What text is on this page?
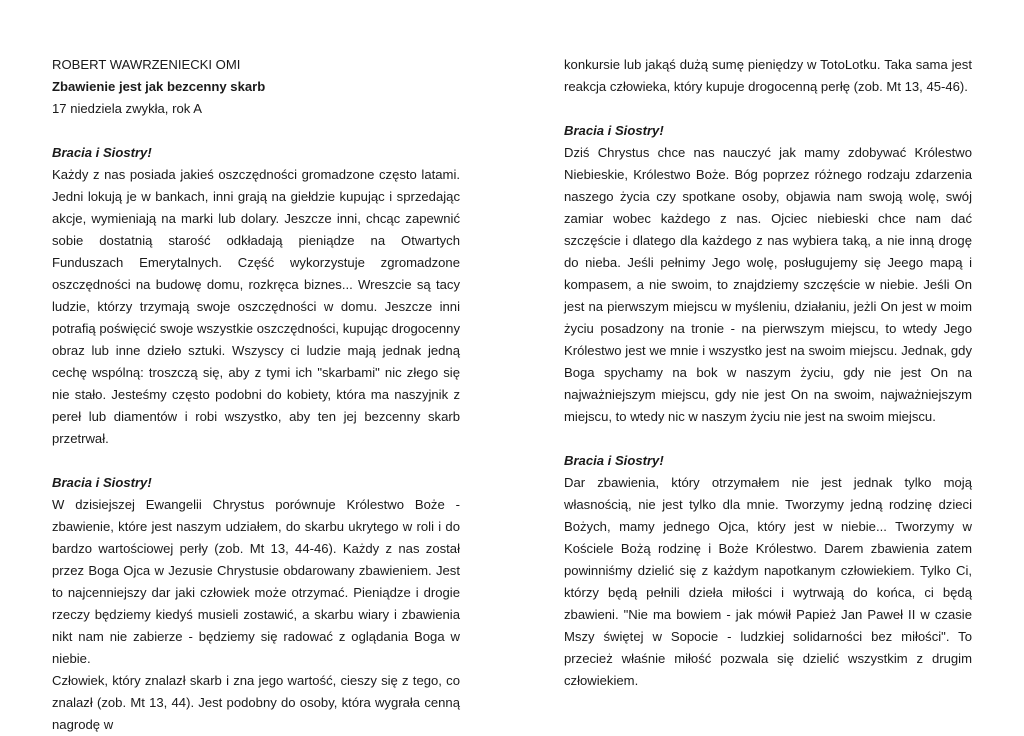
ROBERT WAWRZENIECKI OMI

Zbawienie jest jak bezcenny skarb

17 niedziela zwykła, rok A

Bracia i Siostry!

Każdy z nas posiada jakieś oszczędności gromadzone często latami. Jedni lokują je w bankach, inni grają na giełdzie kupując i sprzedając akcje, wymieniają na marki lub dolary. Jeszcze inni, chcąc zapewnić sobie dostatnią starość odkładają pieniądze na Otwartych Funduszach Emerytalnych. Część wykorzystuje zgromadzone oszczędności na budowę domu, rozkręca biznes... Wreszcie są tacy ludzie, którzy trzymają swoje oszczędności w domu. Jeszcze inni potrafią poświęcić swoje wszystkie oszczędności, kupując drogocenny obraz lub inne dzieło sztuki. Wszyscy ci ludzie mają jednak jedną cechę wspólną: troszczą się, aby z tymi ich "skarbami" nic złego się nie stało. Jesteśmy często podobni do kobiety, która ma naszyjnik z pereł lub diamentów i robi wszystko, aby ten jej bezcenny skarb przetrwał.

Bracia i Siostry!

W dzisiejszej Ewangelii Chrystus porównuje Królestwo Boże - zbawienie, które jest naszym udziałem, do skarbu ukrytego w roli i do bardzo wartościowej perły (zob. Mt 13, 44-46). Każdy z nas został przez Boga Ojca w Jezusie Chrystusie obdarowany zbawieniem. Jest to najcenniejszy dar jaki człowiek może otrzymać. Pieniądze i drogie rzeczy będziemy kiedyś musieli zostawić, a skarbu wiary i zbawienia nikt nam nie zabierze - będziemy się radować z oglądania Boga w niebie.

Człowiek, który znalazł skarb i zna jego wartość, cieszy się z tego, co znalazł (zob. Mt 13, 44). Jest podobny do osoby, która wygrała cenną nagrodę w

konkursie lub jakąś dużą sumę pieniędzy w TotoLotku. Taka sama jest reakcja człowieka, który kupuje drogocenną perłę (zob. Mt 13, 45-46).

Bracia i Siostry!

Dziś Chrystus chce nas nauczyć jak mamy zdobywać Królestwo Niebieskie, Królestwo Boże. Bóg poprzez różnego rodzaju zdarzenia naszego życia czy spotkane osoby, objawia nam swoją wolę, swój zamiar wobec każdego z nas. Ojciec niebieski chce nam dać szczęście i dlatego dla każdego z nas wybiera taką, a nie inną drogę do nieba. Jeśli pełnimy Jego wolę, posługujemy się Jeego mapą i kompasem, a nie swoim, to znajdziemy szczęście w niebie. Jeśli On jest na pierwszym miejscu w myśleniu, działaniu, jeżli On jest w moim życiu posadzony na tronie - na pierwszym miejscu, to wtedy Jego Królestwo jest we mnie i wszystko jest na swoim miejscu. Jednak, gdy Boga spychamy na bok w naszym życiu, gdy nie jest On na najważniejszym miejscu, gdy nie jest On na swoim, najważniejszym miejscu, to wtedy nic w naszym życiu nie jest na swoim miejscu.

Bracia i Siostry!

Dar zbawienia, który otrzymałem nie jest jednak tylko moją własnością, nie jest tylko dla mnie. Tworzymy jedną rodzinę dzieci Bożych, mamy jednego Ojca, który jest w niebie... Tworzymy w Kościele Bożą rodzinę i Boże Królestwo. Darem zbawienia zatem powinniśmy dzielić się z każdym napotkanym człowiekiem. Tylko Ci, którzy będą pełnili dzieła miłości i wytrwają do końca, ci będą zbawieni. "Nie ma bowiem - jak mówił Papież Jan Paweł II w czasie Mszy świętej w Sopocie - ludzkiej solidarności bez miłości". To przecież właśnie miłość pozwala się dzielić wszystkim z drugim człowiekiem.
